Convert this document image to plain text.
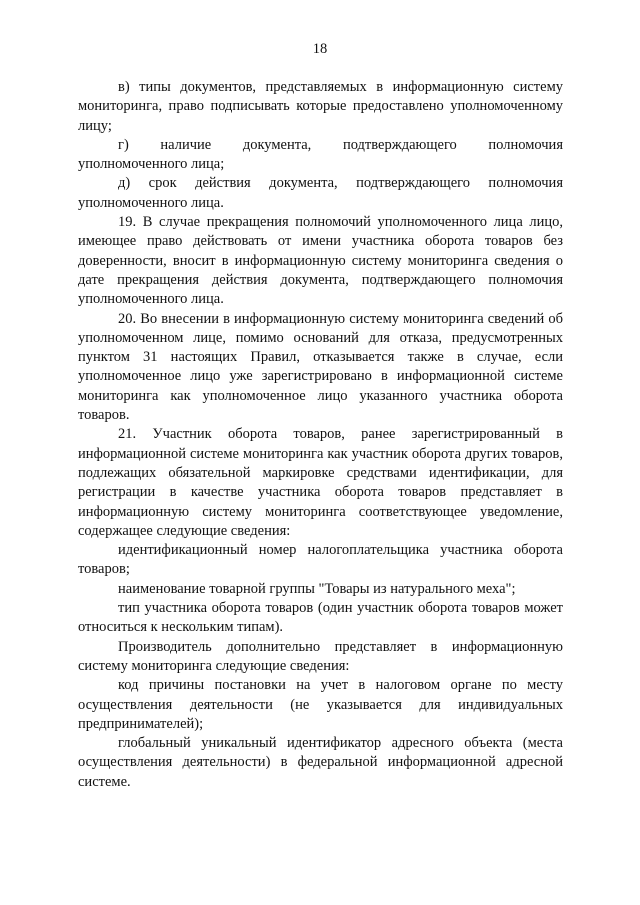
18

в) типы документов, представляемых в информационную систему мониторинга, право подписывать которые предоставлено уполномоченному лицу;

г) наличие документа, подтверждающего полномочия уполномоченного лица;

д) срок действия документа, подтверждающего полномочия уполномоченного лица.

19. В случае прекращения полномочий уполномоченного лица лицо, имеющее право действовать от имени участника оборота товаров без доверенности, вносит в информационную систему мониторинга сведения о дате прекращения действия документа, подтверждающего полномочия уполномоченного лица.

20. Во внесении в информационную систему мониторинга сведений об уполномоченном лице, помимо оснований для отказа, предусмотренных пунктом 31 настоящих Правил, отказывается также в случае, если уполномоченное лицо уже зарегистрировано в информационной системе мониторинга как уполномоченное лицо указанного участника оборота товаров.

21. Участник оборота товаров, ранее зарегистрированный в информационной системе мониторинга как участник оборота других товаров, подлежащих обязательной маркировке средствами идентификации, для регистрации в качестве участника оборота товаров представляет в информационную систему мониторинга соответствующее уведомление, содержащее следующие сведения:

идентификационный номер налогоплательщика участника оборота товаров;

наименование товарной группы "Товары из натурального меха";

тип участника оборота товаров (один участник оборота товаров может относиться к нескольким типам).

Производитель дополнительно представляет в информационную систему мониторинга следующие сведения:

код причины постановки на учет в налоговом органе по месту осуществления деятельности (не указывается для индивидуальных предпринимателей);

глобальный уникальный идентификатор адресного объекта (места осуществления деятельности) в федеральной информационной адресной системе.
